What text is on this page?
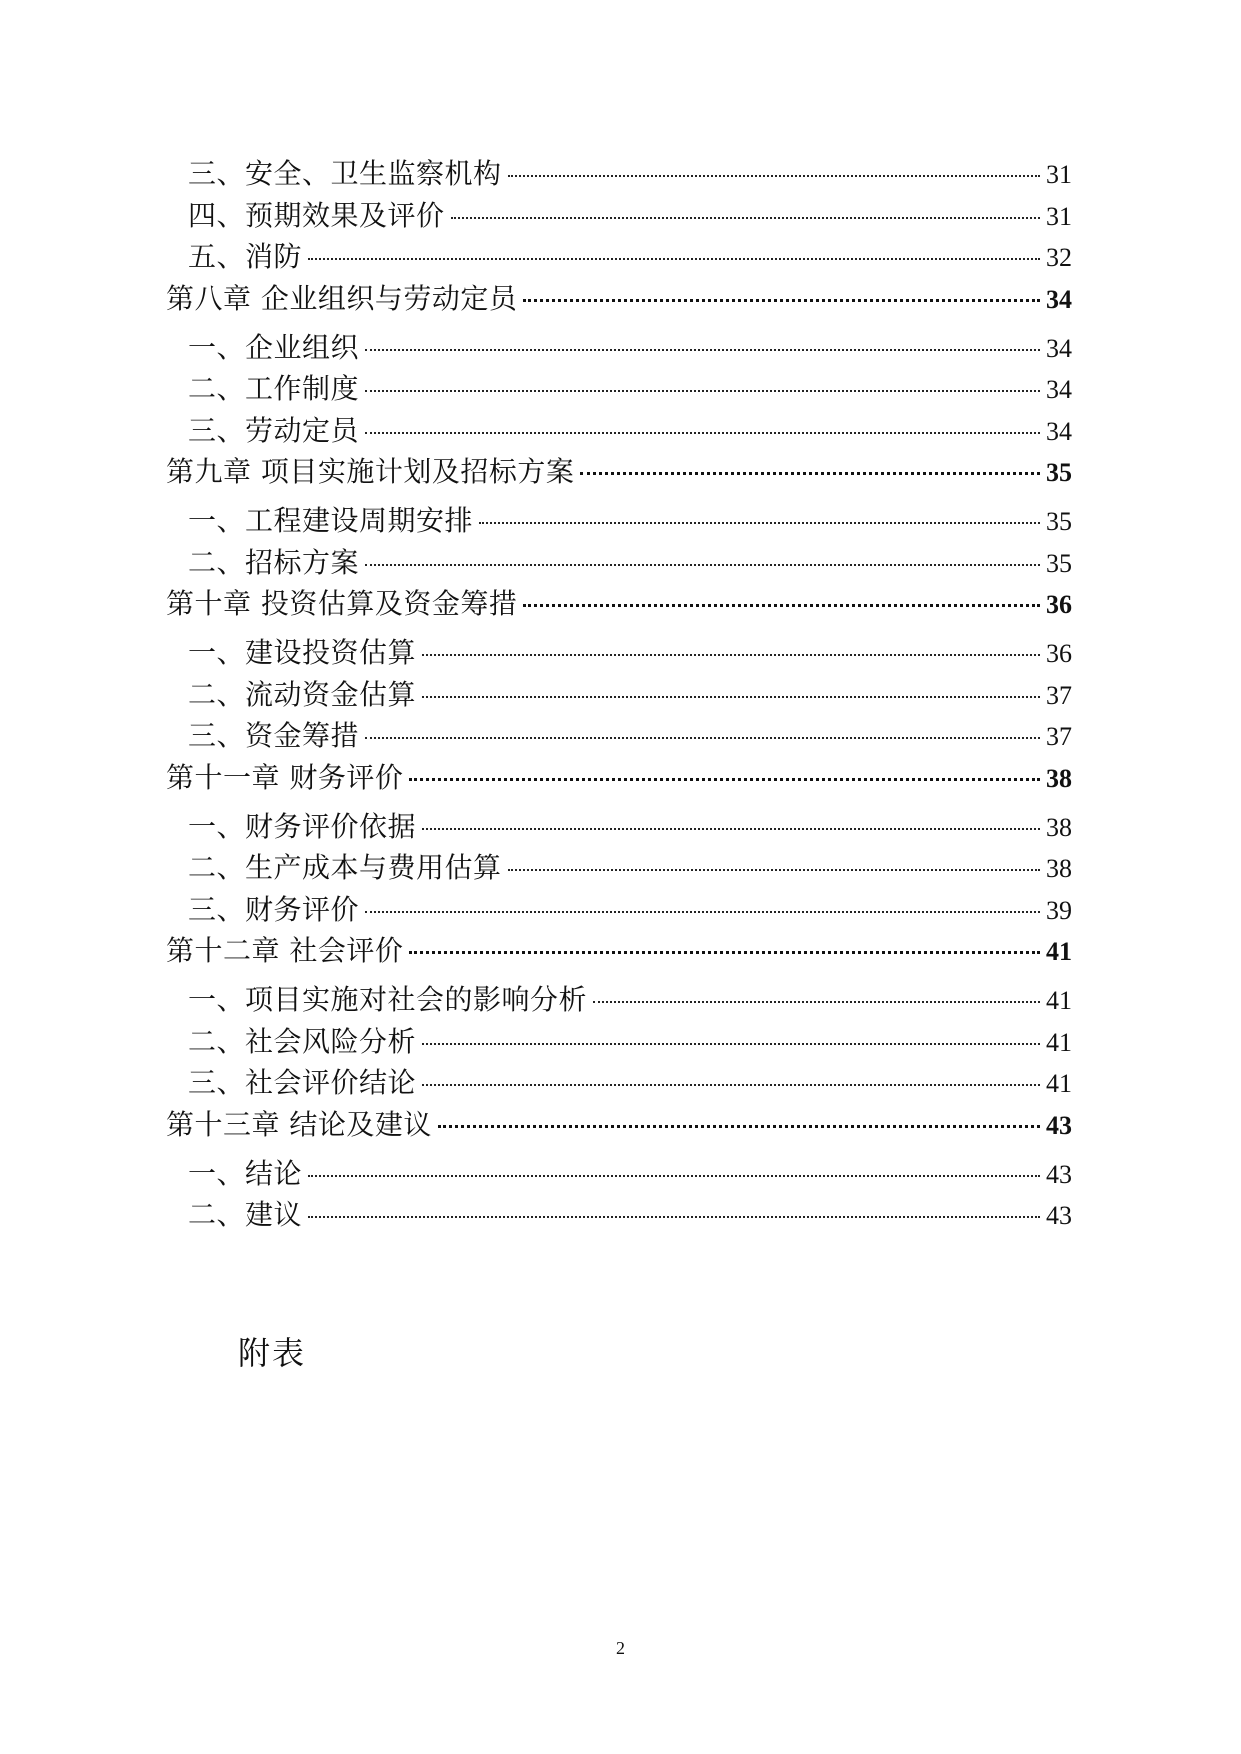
三、安全、卫生监察机构	31
四、预期效果及评价	31
五、消防	32
第八章 企业组织与劳动定员	34
一、企业组织	34
二、工作制度	34
三、劳动定员	34
第九章 项目实施计划及招标方案	35
一、工程建设周期安排	35
二、招标方案	35
第十章 投资估算及资金筹措	36
一、建设投资估算	36
二、流动资金估算	37
三、资金筹措	37
第十一章 财务评价	38
一、财务评价依据	38
二、生产成本与费用估算	38
三、财务评价	39
第十二章 社会评价	41
一、项目实施对社会的影响分析	41
二、社会风险分析	41
三、社会评价结论	41
第十三章 结论及建议	43
一、结论	43
二、建议	43
附表
2
